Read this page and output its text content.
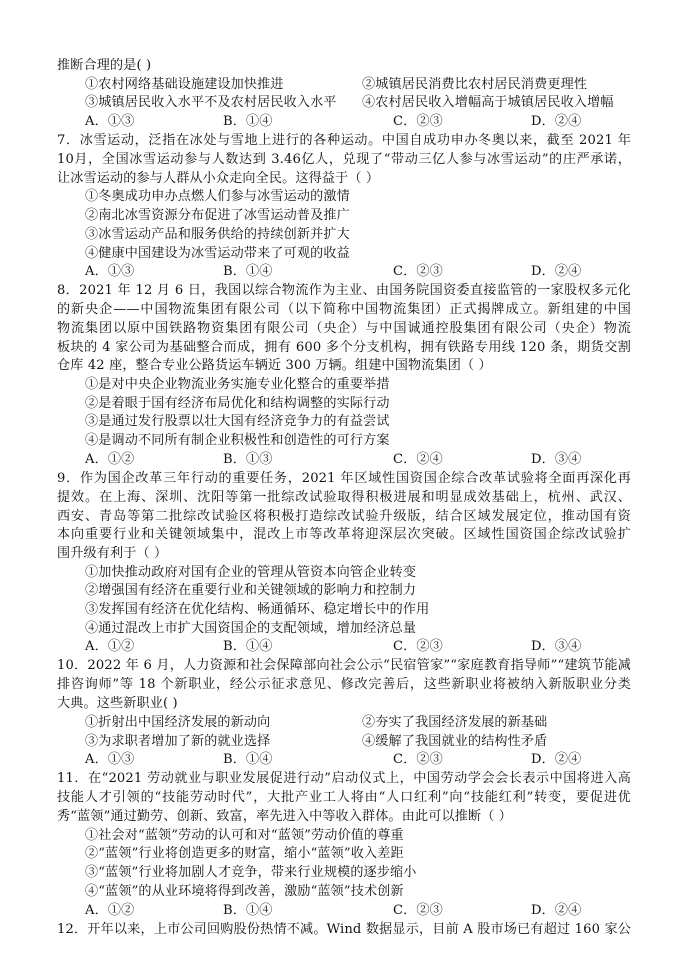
推断合理的是( )
①农村网络基础设施建设加快推进	②城镇居民消费比农村居民消费更理性
③城镇居民收入水平不及农村居民收入水平 ④农村居民收入增幅高于城镇居民收入增幅
A．①③	B．①④	C．②③	D．②④
7．冰雪运动，泛指在冰处与雪地上进行的各种运动。中国自成功申办冬奥以来，截至 2021 年
10月，全国冰雪运动参与人数达到 3.46亿人，兑现了“带动三亿人参与冰雪运动”的庄严承诺，
让冰雪运动的参与人群从小众走向全民。这得益于（ ）
①冬奥成功申办点燃人们参与冰雪运动的激情
②南北冰雪资源分布促进了冰雪运动普及推广
③冰雪运动产品和服务供给的持续创新并扩大
④健康中国建设为冰雪运动带来了可观的收益
A．①③	B．①④	C．②③	D．②④
8．2021 年 12 月 6 日，我国以综合物流作为主业、由国务院国资委直接监管的一家股权多元化
的新央企——中国物流集团有限公司（以下简称中国物流集团）正式揭牌成立。新组建的中国
物流集团以原中国铁路物资集团有限公司（央企）与中国诚通控股集团有限公司（央企）物流
板块的 4 家公司为基础整合而成，拥有 600 多个分支机构，拥有铁路专用线 120 条，期货交割
仓库 42 座，整合专业公路货运车辆近 300 万辆。组建中国物流集团（ ）
①是对中央企业物流业务实施专业化整合的重要举措
②是着眼于国有经济布局优化和结构调整的实际行动
③是通过发行股票以壮大国有经济竞争力的有益尝试
④是调动不同所有制企业积极性和创造性的可行方案
A．①②	B．①③	C．②④	D．③④
9．作为国企改革三年行动的重要任务，2021 年区域性国资国企综合改革试验将全面再深化再
提效。在上海、深圳、沈阳等第一批综改试验取得积极进展和明显成效基础上，杭州、武汉、
西安、青岛等第二批综改试验区将积极打造综改试验升级版，结合区域发展定位，推动国有资
本向重要行业和关键领域集中，混改上市等改革将迎深层次突破。区域性国资国企综改试验扩
围升级有利于（ ）
①加快推动政府对国有企业的管理从管资本向管企业转变
②增强国有经济在重要行业和关键领域的影响力和控制力
③发挥国有经济在优化结构、畅通循环、稳定增长中的作用
④通过混改上市扩大国资国企的支配领域，增加经济总量
A．①②	B．①④	C．②③	D．③④
10．2022 年 6 月，人力资源和社会保障部向社会公示“民宿管家”“家庭教育指导师”“建筑节能减
排咨询师”等 18 个新职业，经公示征求意见、修改完善后，这些新职业将被纳入新版职业分类
大典。这些新职业( )
①折射出中国经济发展的新动向	②夯实了我国经济发展的新基础
③为求职者增加了新的就业选择	④缓解了我国就业的结构性矛盾
A．①③	B．①④	C．②③	D．②④
11．在“2021 劳动就业与职业发展促进行动”启动仪式上，中国劳动学会会长表示中国将进入高
技能人才引领的“技能劳动时代”，大批产业工人将由“人口红利”向“技能红利”转变，要促进优
秀“蓝领”通过勤劳、创新、致富，率先进入中等收入群体。由此可以推断（ ）
①社会对“蓝领”劳动的认可和对“蓝领”劳动价值的尊重
②“蓝领”行业将创造更多的财富，缩小“蓝领”收入差距
③“蓝领”行业将加剧人才竞争，带来行业规模的逐步缩小
④“蓝领”的从业环境将得到改善，激励“蓝领”技术创新
A．①②	B．①④	C．②③	D．②④
12．开年以来，上市公司回购股份热情不减。Wind 数据显示，目前 A 股市场已有超过 160 家公
